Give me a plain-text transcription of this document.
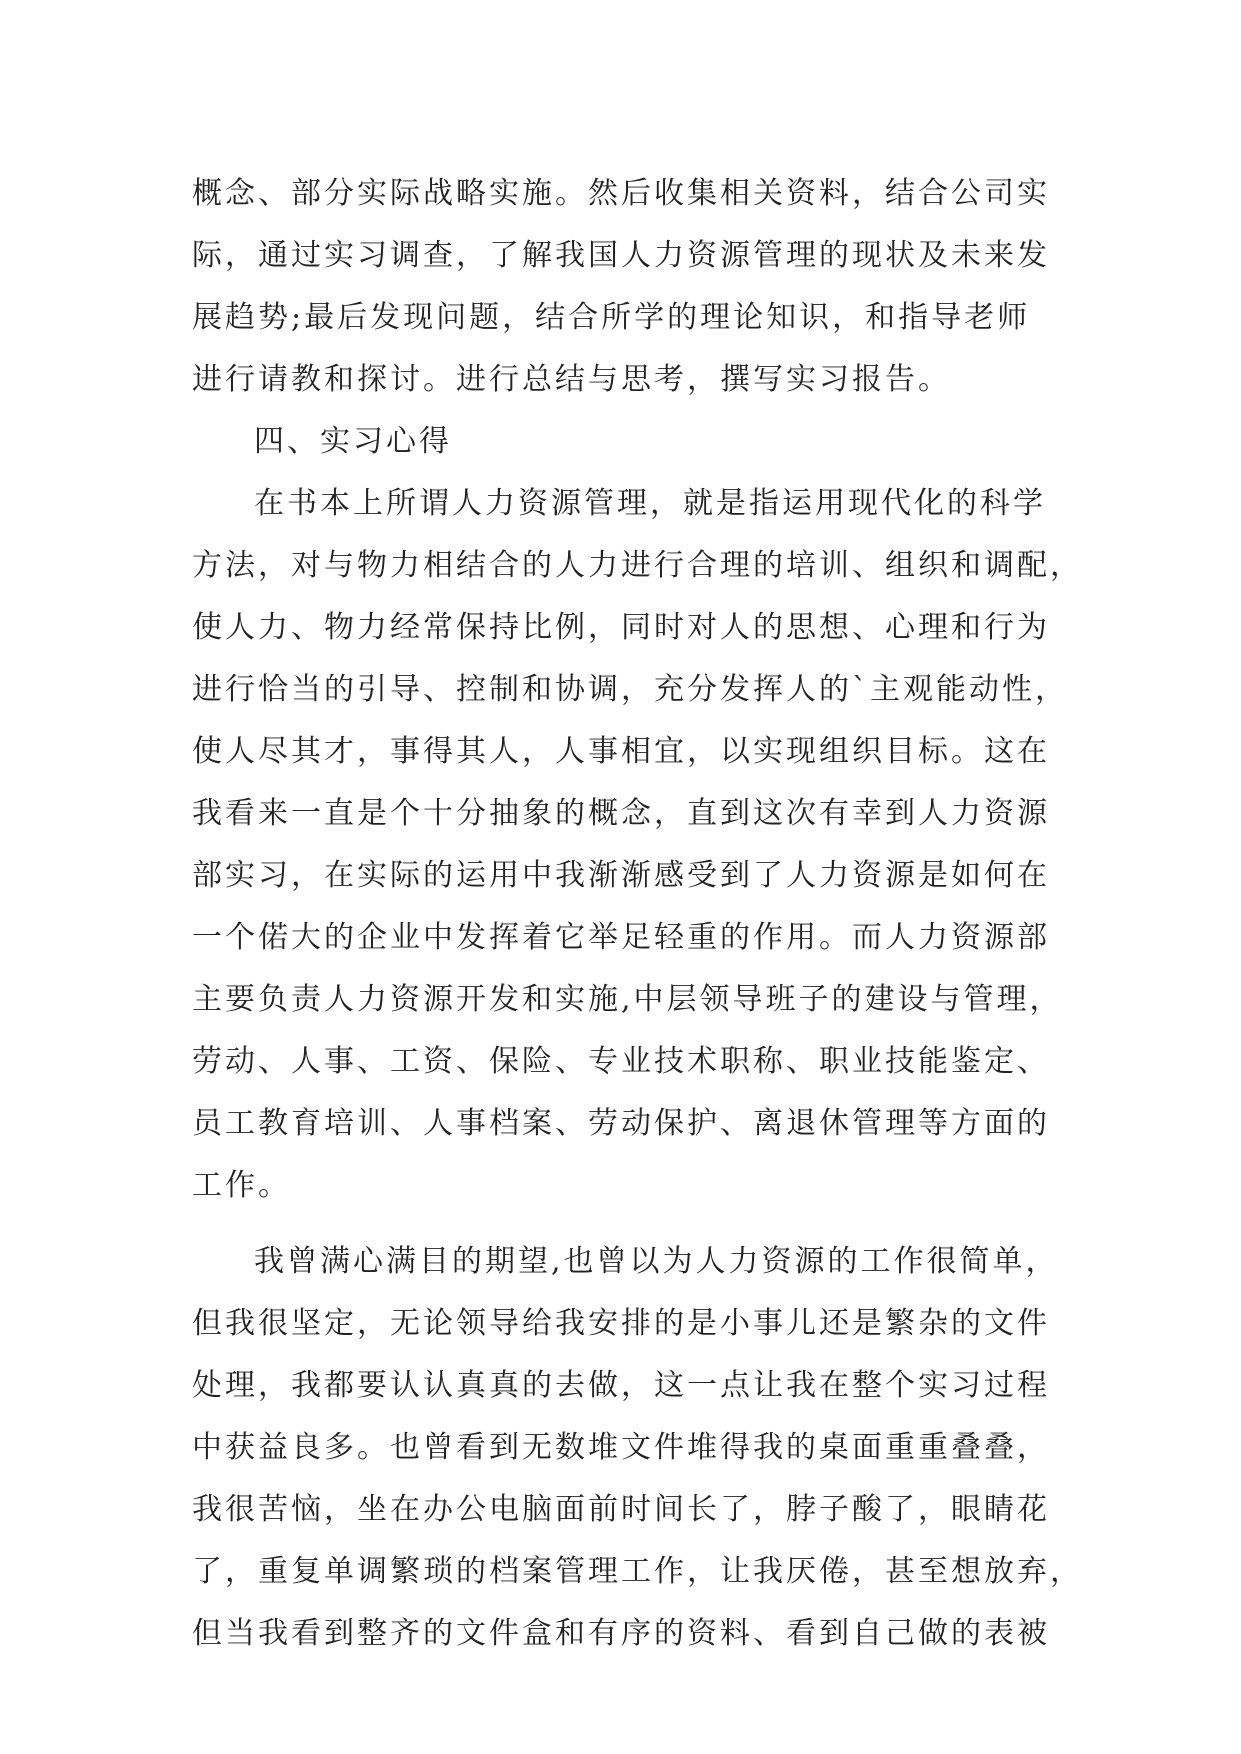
概念、部分实际战略实施。然后收集相关资料，结合公司实
际，通过实习调查，了解我国人力资源管理的现状及未来发
展趋势;最后发现问题，结合所学的理论知识，和指导老师
进行请教和探讨。进行总结与思考，撰写实习报告。
四、实习心得
在书本上所谓人力资源管理，就是指运用现代化的科学
方法，对与物力相结合的人力进行合理的培训、组织和调配，
使人力、物力经常保持比例，同时对人的思想、心理和行为
进行恰当的引导、控制和协调，充分发挥人的`主观能动性，
使人尽其才，事得其人，人事相宜，以实现组织目标。这在
我看来一直是个十分抽象的概念，直到这次有幸到人力资源
部实习，在实际的运用中我渐渐感受到了人力资源是如何在
一个偌大的企业中发挥着它举足轻重的作用。而人力资源部
主要负责人力资源开发和实施,中层领导班子的建设与管理，
劳动、人事、工资、保险、专业技术职称、职业技能鉴定、
员工教育培训、人事档案、劳动保护、离退休管理等方面的
工作。
我曾满心满目的期望,也曾以为人力资源的工作很简单，
但我很坚定，无论领导给我安排的是小事儿还是繁杂的文件
处理，我都要认认真真的去做，这一点让我在整个实习过程
中获益良多。也曾看到无数堆文件堆得我的桌面重重叠叠，
我很苦恼，坐在办公电脑面前时间长了，脖子酸了，眼睛花
了，重复单调繁琐的档案管理工作，让我厌倦，甚至想放弃，
但当我看到整齐的文件盒和有序的资料、看到自己做的表被
